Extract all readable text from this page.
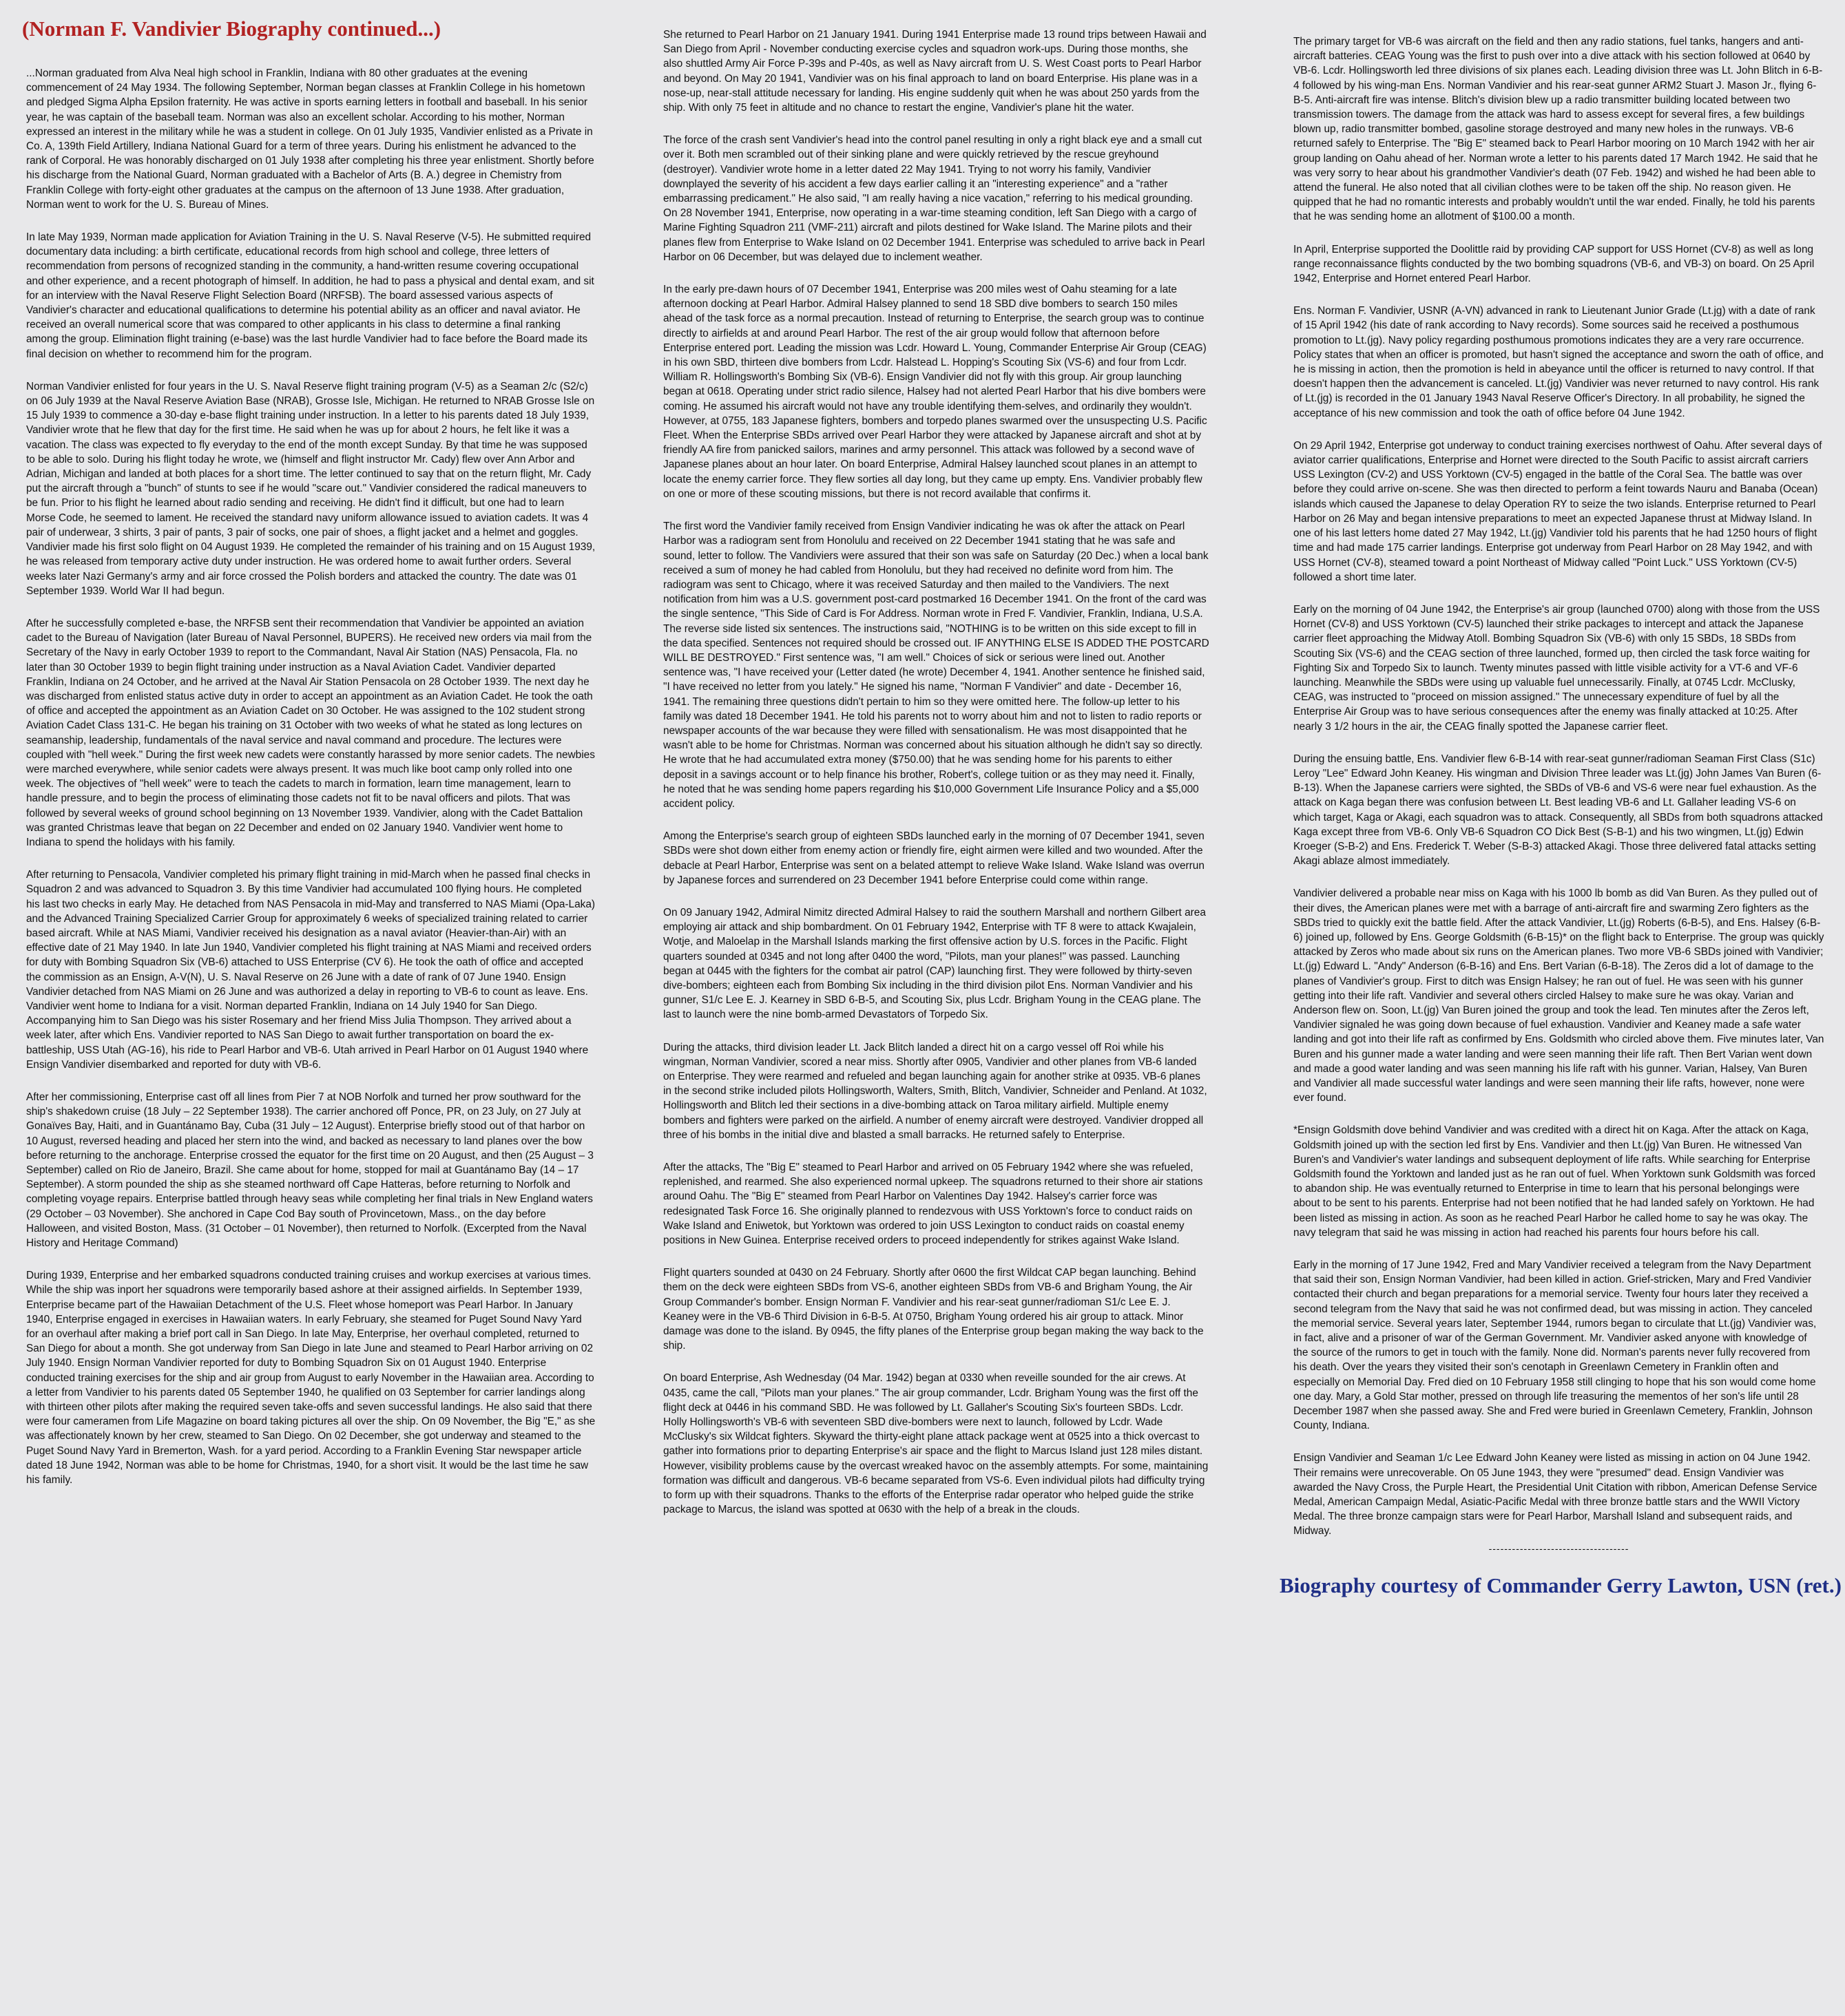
(Norman F. Vandivier Biography continued...)

...Norman graduated from Alva Neal high school in Franklin, Indiana with 80 other graduates at the evening commencement of 24 May 1934. The following September, Norman began classes at Franklin College in his hometown and pledged Sigma Alpha Epsilon fraternity. He was active in sports earning letters in football and baseball. In his senior year, he was captain of the baseball team. Norman was also an excellent scholar. According to his mother, Norman expressed an interest in the military while he was a student in college. On 01 July 1935, Vandivier enlisted as a Private in Co. A, 139th Field Artillery, Indiana National Guard for a term of three years. During his enlistment he advanced to the rank of Corporal. He was honorably discharged on 01 July 1938 after completing his three year enlistment. Shortly before his discharge from the National Guard, Norman graduated with a Bachelor of Arts (B. A.) degree in Chemistry from Franklin College with forty-eight other graduates at the campus on the afternoon of 13 June 1938. After graduation, Norman went to work for the U. S. Bureau of Mines.

In late May 1939, Norman made application for Aviation Training in the U. S. Naval Reserve (V-5). He submitted required documentary data including: a birth certificate, educational records from high school and college, three letters of recommendation from persons of recognized standing in the community, a hand-written resume covering occupational and other experience, and a recent photograph of himself. In addition, he had to pass a physical and dental exam, and sit for an interview with the Naval Reserve Flight Selection Board (NRFSB). The board assessed various aspects of Vandivier's character and educational qualifications to determine his potential ability as an officer and naval aviator. He received an overall numerical score that was compared to other applicants in his class to determine a final ranking among the group. Elimination flight training (e-base) was the last hurdle Vandivier had to face before the Board made its final decision on whether to recommend him for the program.

Norman Vandivier enlisted for four years in the U. S. Naval Reserve flight training program (V-5) as a Seaman 2/c (S2/c) on 06 July 1939 at the Naval Reserve Aviation Base (NRAB), Grosse Isle, Michigan. He returned to NRAB Grosse Isle on 15 July 1939 to commence a 30-day e-base flight training under instruction. In a letter to his parents dated 18 July 1939, Vandivier wrote that he flew that day for the first time. He said when he was up for about 2 hours, he felt like it was a vacation. The class was expected to fly everyday to the end of the month except Sunday. By that time he was supposed to be able to solo. During his flight today he wrote, we (himself and flight instructor Mr. Cady) flew over Ann Arbor and Adrian, Michigan and landed at both places for a short time. The letter continued to say that on the return flight, Mr. Cady put the aircraft through a "bunch" of stunts to see if he would "scare out." Vandivier considered the radical maneuvers to be fun. Prior to his flight he learned about radio sending and receiving. He didn't find it difficult, but one had to learn Morse Code, he seemed to lament. He received the standard navy uniform allowance issued to aviation cadets. It was 4 pair of underwear, 3 shirts, 3 pair of pants, 3 pair of socks, one pair of shoes, a flight jacket and a helmet and goggles. Vandivier made his first solo flight on 04 August 1939. He completed the remainder of his training and on 15 August 1939, he was released from temporary active duty under instruction. He was ordered home to await further orders. Several weeks later Nazi Germany's army and air force crossed the Polish borders and attacked the country. The date was 01 September 1939. World War II had begun.

After he successfully completed e-base, the NRFSB sent their recommendation that Vandivier be appointed an aviation cadet to the Bureau of Navigation (later Bureau of Naval Personnel, BUPERS). He received new orders via mail from the Secretary of the Navy in early October 1939 to report to the Commandant, Naval Air Station (NAS) Pensacola, Fla. no later than 30 October 1939 to begin flight training under instruction as a Naval Aviation Cadet. Vandivier departed Franklin, Indiana on 24 October, and he arrived at the Naval Air Station Pensacola on 28 October 1939. The next day he was discharged from enlisted status active duty in order to accept an appointment as an Aviation Cadet. He took the oath of office and accepted the appointment as an Aviation Cadet on 30 October. He was assigned to the 102 student strong Aviation Cadet Class 131-C. He began his training on 31 October with two weeks of what he stated as long lectures on seamanship, leadership, fundamentals of the naval service and naval command and procedure. The lectures were coupled with "hell week." During the first week new cadets were constantly harassed by more senior cadets. The newbies were marched everywhere, while senior cadets were always present. It was much like boot camp only rolled into one week. The objectives of "hell week" were to teach the cadets to march in formation, learn time management, learn to handle pressure, and to begin the process of eliminating those cadets not fit to be naval officers and pilots. That was followed by several weeks of ground school beginning on 13 November 1939. Vandivier, along with the Cadet Battalion was granted Christmas leave that began on 22 December and ended on 02 January 1940. Vandivier went home to Indiana to spend the holidays with his family.

After returning to Pensacola, Vandivier completed his primary flight training in mid-March when he passed final checks in Squadron 2 and was advanced to Squadron 3. By this time Vandivier had accumulated 100 flying hours. He completed his last two checks in early May. He detached from NAS Pensacola in mid-May and transferred to NAS Miami (Opa-Laka) and the Advanced Training Specialized Carrier Group for approximately 6 weeks of specialized training related to carrier based aircraft. While at NAS Miami, Vandivier received his designation as a naval aviator (Heavier-than-Air) with an effective date of 21 May 1940. In late Jun 1940, Vandivier completed his flight training at NAS Miami and received orders for duty with Bombing Squadron Six (VB-6) attached to USS Enterprise (CV 6). He took the oath of office and accepted the commission as an Ensign, A-V(N), U. S. Naval Reserve on 26 June with a date of rank of 07 June 1940. Ensign Vandivier detached from NAS Miami on 26 June and was authorized a delay in reporting to VB-6 to count as leave. Ens. Vandivier went home to Indiana for a visit. Norman departed Franklin, Indiana on 14 July 1940 for San Diego. Accompanying him to San Diego was his sister Rosemary and her friend Miss Julia Thompson. They arrived about a week later, after which Ens. Vandivier reported to NAS San Diego to await further transportation on board the ex-battleship, USS Utah (AG-16), his ride to Pearl Harbor and VB-6. Utah arrived in Pearl Harbor on 01 August 1940 where Ensign Vandivier disembarked and reported for duty with VB-6.

After her commissioning, Enterprise cast off all lines from Pier 7 at NOB Norfolk and turned her prow southward for the ship's shakedown cruise (18 July – 22 September 1938). The carrier anchored off Ponce, PR, on 23 July, on 27 July at Gonaïves Bay, Haiti, and in Guantánamo Bay, Cuba (31 July – 12 August). Enterprise briefly stood out of that harbor on 10 August, reversed heading and placed her stern into the wind, and backed as necessary to land planes over the bow before returning to the anchorage. Enterprise crossed the equator for the first time on 20 August, and then (25 August – 3 September) called on Rio de Janeiro, Brazil. She came about for home, stopped for mail at Guantánamo Bay (14 – 17 September). A storm pounded the ship as she steamed northward off Cape Hatteras, before returning to Norfolk and completing voyage repairs. Enterprise battled through heavy seas while completing her final trials in New England waters (29 October – 03 November). She anchored in Cape Cod Bay south of Provincetown, Mass., on the day before Halloween, and visited Boston, Mass. (31 October – 01 November), then returned to Norfolk. (Excerpted from the Naval History and Heritage Command)

During 1939, Enterprise and her embarked squadrons conducted training cruises and workup exercises at various times. While the ship was inport her squadrons were temporarily based ashore at their assigned airfields. In September 1939, Enterprise became part of the Hawaiian Detachment of the U.S. Fleet whose homeport was Pearl Harbor. In January 1940, Enterprise engaged in exercises in Hawaiian waters. In early February, she steamed for Puget Sound Navy Yard for an overhaul after making a brief port call in San Diego. In late May, Enterprise, her overhaul completed, returned to San Diego for about a month. She got underway from San Diego in late June and steamed to Pearl Harbor arriving on 02 July 1940. Ensign Norman Vandivier reported for duty to Bombing Squadron Six on 01 August 1940. Enterprise conducted training exercises for the ship and air group from August to early November in the Hawaiian area. According to a letter from Vandivier to his parents dated 05 September 1940, he qualified on 03 September for carrier landings along with thirteen other pilots after making the required seven take-offs and seven successful landings. He also said that there were four cameramen from Life Magazine on board taking pictures all over the ship. On 09 November, the Big "E," as she was affectionately known by her crew, steamed to San Diego. On 02 December, she got underway and steamed to the Puget Sound Navy Yard in Bremerton, Wash. for a yard period. According to a Franklin Evening Star newspaper article dated 18 June 1942, Norman was able to be home for Christmas, 1940, for a short visit. It would be the last time he saw his family.

She returned to Pearl Harbor on 21 January 1941. During 1941 Enterprise made 13 round trips between Hawaii and San Diego from April - November conducting exercise cycles and squadron work-ups. During those months, she also shuttled Army Air Force P-39s and P-40s, as well as Navy aircraft from U. S. West Coast ports to Pearl Harbor and beyond. On May 20 1941, Vandivier was on his final approach to land on board Enterprise. His plane was in a nose-up, near-stall attitude necessary for landing. His engine suddenly quit when he was about 250 yards from the ship. With only 75 feet in altitude and no chance to restart the engine, Vandivier's plane hit the water.

The force of the crash sent Vandivier's head into the control panel resulting in only a right black eye and a small cut over it. Both men scrambled out of their sinking plane and were quickly retrieved by the rescue greyhound (destroyer). Vandivier wrote home in a letter dated 22 May 1941. Trying to not worry his family, Vandivier downplayed the severity of his accident a few days earlier calling it an "interesting experience" and a "rather embarrassing predicament." He also said, "I am really having a nice vacation," referring to his medical grounding. On 28 November 1941, Enterprise, now operating in a war-time steaming condition, left San Diego with a cargo of Marine Fighting Squadron 211 (VMF-211) aircraft and pilots destined for Wake Island. The Marine pilots and their planes flew from Enterprise to Wake Island on 02 December 1941. Enterprise was scheduled to arrive back in Pearl Harbor on 06 December, but was delayed due to inclement weather.

In the early pre-dawn hours of 07 December 1941, Enterprise was 200 miles west of Oahu steaming for a late afternoon docking at Pearl Harbor. Admiral Halsey planned to send 18 SBD dive bombers to search 150 miles ahead of the task force as a normal precaution. Instead of returning to Enterprise, the search group was to continue directly to airfields at and around Pearl Harbor. The rest of the air group would follow that afternoon before Enterprise entered port. Leading the mission was Lcdr. Howard L. Young, Commander Enterprise Air Group (CEAG) in his own SBD, thirteen dive bombers from Lcdr. Halstead L. Hopping's Scouting Six (VS-6) and four from Lcdr. William R. Hollingsworth's Bombing Six (VB-6). Ensign Vandivier did not fly with this group. Air group launching began at 0618. Operating under strict radio silence, Halsey had not alerted Pearl Harbor that his dive bombers were coming. He assumed his aircraft would not have any trouble identifying them-selves, and ordinarily they wouldn't. However, at 0755, 183 Japanese fighters, bombers and torpedo planes swarmed over the unsuspecting U.S. Pacific Fleet. When the Enterprise SBDs arrived over Pearl Harbor they were attacked by Japanese aircraft and shot at by friendly AA fire from panicked sailors, marines and army personnel. This attack was followed by a second wave of Japanese planes about an hour later. On board Enterprise, Admiral Halsey launched scout planes in an attempt to locate the enemy carrier force. They flew sorties all day long, but they came up empty. Ens. Vandivier probably flew on one or more of these scouting missions, but there is not record available that confirms it.

The first word the Vandivier family received from Ensign Vandivier indicating he was ok after the attack on Pearl Harbor was a radiogram sent from Honolulu and received on 22 December 1941 stating that he was safe and sound, letter to follow. The Vandiviers were assured that their son was safe on Saturday (20 Dec.) when a local bank received a sum of money he had cabled from Honolulu, but they had received no definite word from him. The radiogram was sent to Chicago, where it was received Saturday and then mailed to the Vandiviers. The next notification from him was a U.S. government post-card postmarked 16 December 1941. On the front of the card was the single sentence, "This Side of Card is For Address. Norman wrote in Fred F. Vandivier, Franklin, Indiana, U.S.A. The reverse side listed six sentences. The instructions said, "NOTHING is to be written on this side except to fill in the data specified. Sentences not required should be crossed out. IF ANYTHING ELSE IS ADDED THE POSTCARD WILL BE DESTROYED." First sentence was, "I am well." Choices of sick or serious were lined out. Another sentence was, "I have received your (Letter dated (he wrote) December 4, 1941. Another sentence he finished said, "I have received no letter from you lately." He signed his name, "Norman F Vandivier" and date - December 16, 1941. The remaining three questions didn't pertain to him so they were omitted here. The follow-up letter to his family was dated 18 December 1941. He told his parents not to worry about him and not to listen to radio reports or newspaper accounts of the war because they were filled with sensationalism. He was most disappointed that he wasn't able to be home for Christmas. Norman was concerned about his situation although he didn't say so directly. He wrote that he had accumulated extra money ($750.00) that he was sending home for his parents to either deposit in a savings account or to help finance his brother, Robert's, college tuition or as they may need it. Finally, he noted that he was sending home papers regarding his $10,000 Government Life Insurance Policy and a $5,000 accident policy.

Among the Enterprise's search group of eighteen SBDs launched early in the morning of 07 December 1941, seven SBDs were shot down either from enemy action or friendly fire, eight airmen were killed and two wounded. After the debacle at Pearl Harbor, Enterprise was sent on a belated attempt to relieve Wake Island. Wake Island was overrun by Japanese forces and surrendered on 23 December 1941 before Enterprise could come within range.

On 09 January 1942, Admiral Nimitz directed Admiral Halsey to raid the southern Marshall and northern Gilbert area employing air attack and ship bombardment. On 01 February 1942, Enterprise with TF 8 were to attack Kwajalein, Wotje, and Maloelap in the Marshall Islands marking the first offensive action by U.S. forces in the Pacific. Flight quarters sounded at 0345 and not long after 0400 the word, "Pilots, man your planes!" was passed. Launching began at 0445 with the fighters for the combat air patrol (CAP) launching first. They were followed by thirty-seven dive-bombers; eighteen each from Bombing Six including in the third division pilot Ens. Norman Vandivier and his gunner, S1/c Lee E. J. Kearney in SBD 6-B-5, and Scouting Six, plus Lcdr. Brigham Young in the CEAG plane. The last to launch were the nine bomb-armed Devastators of Torpedo Six.

During the attacks, third division leader Lt. Jack Blitch landed a direct hit on a cargo vessel off Roi while his wingman, Norman Vandivier, scored a near miss. Shortly after 0905, Vandivier and other planes from VB-6 landed on Enterprise. They were rearmed and refueled and began launching again for another strike at 0935. VB-6 planes in the second strike included pilots Hollingsworth, Walters, Smith, Blitch, Vandivier, Schneider and Penland. At 1032, Hollingsworth and Blitch led their sections in a dive-bombing attack on Taroa military airfield. Multiple enemy bombers and fighters were parked on the airfield. A number of enemy aircraft were destroyed. Vandivier dropped all three of his bombs in the initial dive and blasted a small barracks. He returned safely to Enterprise.

After the attacks, The "Big E" steamed to Pearl Harbor and arrived on 05 February 1942 where she was refueled, replenished, and rearmed. She also experienced normal upkeep. The squadrons returned to their shore air stations around Oahu. The "Big E" steamed from Pearl Harbor on Valentines Day 1942. Halsey's carrier force was redesignated Task Force 16. She originally planned to rendezvous with USS Yorktown's force to conduct raids on Wake Island and Eniwetok, but Yorktown was ordered to join USS Lexington to conduct raids on coastal enemy positions in New Guinea. Enterprise received orders to proceed independently for strikes against Wake Island.

Flight quarters sounded at 0430 on 24 February. Shortly after 0600 the first Wildcat CAP began launching. Behind them on the deck were eighteen SBDs from VS-6, another eighteen SBDs from VB-6 and Brigham Young, the Air Group Commander's bomber. Ensign Norman F. Vandivier and his rear-seat gunner/radioman S1/c Lee E. J. Keaney were in the VB-6 Third Division in 6-B-5. At 0750, Brigham Young ordered his air group to attack. Minor damage was done to the island. By 0945, the fifty planes of the Enterprise group began making the way back to the ship.

On board Enterprise, Ash Wednesday (04 Mar. 1942) began at 0330 when reveille sounded for the air crews. At 0435, came the call, "Pilots man your planes." The air group commander, Lcdr. Brigham Young was the first off the flight deck at 0446 in his command SBD. He was followed by Lt. Gallaher's Scouting Six's fourteen SBDs. Lcdr. Holly Hollingsworth's VB-6 with seventeen SBD dive-bombers were next to launch, followed by Lcdr. Wade McClusky's six Wildcat fighters. Skyward the thirty-eight plane attack package went at 0525 into a thick overcast to gather into formations prior to departing Enterprise's air space and the flight to Marcus Island just 128 miles distant. However, visibility problems cause by the overcast wreaked havoc on the assembly attempts. For some, maintaining formation was difficult and dangerous. VB-6 became separated from VS-6. Even individual pilots had difficulty trying to form up with their squadrons. Thanks to the efforts of the Enterprise radar operator who helped guide the strike package to Marcus, the island was spotted at 0630 with the help of a break in the clouds.

The primary target for VB-6 was aircraft on the field and then any radio stations, fuel tanks, hangers and anti-aircraft batteries. CEAG Young was the first to push over into a dive attack with his section followed at 0640 by VB-6. Lcdr. Hollingsworth led three divisions of six planes each. Leading division three was Lt. John Blitch in 6-B-4 followed by his wing-man Ens. Norman Vandivier and his rear-seat gunner ARM2 Stuart J. Mason Jr., flying 6-B-5. Anti-aircraft fire was intense. Blitch's division blew up a radio transmitter building located between two transmission towers. The damage from the attack was hard to assess except for several fires, a few buildings blown up, radio transmitter bombed, gasoline storage destroyed and many new holes in the runways. VB-6 returned safely to Enterprise. The "Big E" steamed back to Pearl Harbor mooring on 10 March 1942 with her air group landing on Oahu ahead of her. Norman wrote a letter to his parents dated 17 March 1942. He said that he was very sorry to hear about his grandmother Vandivier's death (07 Feb. 1942) and wished he had been able to attend the funeral. He also noted that all civilian clothes were to be taken off the ship. No reason given. He quipped that he had no romantic interests and probably wouldn't until the war ended. Finally, he told his parents that he was sending home an allotment of $100.00 a month.

In April, Enterprise supported the Doolittle raid by providing CAP support for USS Hornet (CV-8) as well as long range reconnaissance flights conducted by the two bombing squadrons (VB-6, and VB-3) on board. On 25 April 1942, Enterprise and Hornet entered Pearl Harbor.

Ens. Norman F. Vandivier, USNR (A-VN) advanced in rank to Lieutenant Junior Grade (Lt.jg) with a date of rank of 15 April 1942 (his date of rank according to Navy records). Some sources said he received a posthumous promotion to Lt.(jg). Navy policy regarding posthumous promotions indicates they are a very rare occurrence. Policy states that when an officer is promoted, but hasn't signed the acceptance and sworn the oath of office, and he is missing in action, then the promotion is held in abeyance until the officer is returned to navy control. If that doesn't happen then the advancement is canceled. Lt.(jg) Vandivier was never returned to navy control. His rank of Lt.(jg) is recorded in the 01 January 1943 Naval Reserve Officer's Directory. In all probability, he signed the acceptance of his new commission and took the oath of office before 04 June 1942.

On 29 April 1942, Enterprise got underway to conduct training exercises northwest of Oahu. After several days of aviator carrier qualifications, Enterprise and Hornet were directed to the South Pacific to assist aircraft carriers USS Lexington (CV-2) and USS Yorktown (CV-5) engaged in the battle of the Coral Sea. The battle was over before they could arrive on-scene. She was then directed to perform a feint towards Nauru and Banaba (Ocean) islands which caused the Japanese to delay Operation RY to seize the two islands. Enterprise returned to Pearl Harbor on 26 May and began intensive preparations to meet an expected Japanese thrust at Midway Island. In one of his last letters home dated 27 May 1942, Lt.(jg) Vandivier told his parents that he had 1250 hours of flight time and had made 175 carrier landings. Enterprise got underway from Pearl Harbor on 28 May 1942, and with USS Hornet (CV-8), steamed toward a point Northeast of Midway called "Point Luck." USS Yorktown (CV-5) followed a short time later.

Early on the morning of 04 June 1942, the Enterprise's air group (launched 0700) along with those from the USS Hornet (CV-8) and USS Yorktown (CV-5) launched their strike packages to intercept and attack the Japanese carrier fleet approaching the Midway Atoll. Bombing Squadron Six (VB-6) with only 15 SBDs, 18 SBDs from Scouting Six (VS-6) and the CEAG section of three launched, formed up, then circled the task force waiting for Fighting Six and Torpedo Six to launch. Twenty minutes passed with little visible activity for a VT-6 and VF-6 launching. Meanwhile the SBDs were using up valuable fuel unnecessarily. Finally, at 0745 Lcdr. McClusky, CEAG, was instructed to "proceed on mission assigned." The unnecessary expenditure of fuel by all the Enterprise Air Group was to have serious consequences after the enemy was finally attacked at 10:25. After nearly 3 1/2 hours in the air, the CEAG finally spotted the Japanese carrier fleet.

During the ensuing battle, Ens. Vandivier flew 6-B-14 with rear-seat gunner/radioman Seaman First Class (S1c) Leroy "Lee" Edward John Keaney. His wingman and Division Three leader was Lt.(jg) John James Van Buren (6-B-13). When the Japanese carriers were sighted, the SBDs of VB-6 and VS-6 were near fuel exhaustion. As the attack on Kaga began there was confusion between Lt. Best leading VB-6 and Lt. Gallaher leading VS-6 on which target, Kaga or Akagi, each squadron was to attack. Consequently, all SBDs from both squadrons attacked Kaga except three from VB-6. Only VB-6 Squadron CO Dick Best (S-B-1) and his two wingmen, Lt.(jg) Edwin Kroeger (S-B-2) and Ens. Frederick T. Weber (S-B-3) attacked Akagi. Those three delivered fatal attacks setting Akagi ablaze almost immediately.

Vandivier delivered a probable near miss on Kaga with his 1000 lb bomb as did Van Buren. As they pulled out of their dives, the American planes were met with a barrage of anti-aircraft fire and swarming Zero fighters as the SBDs tried to quickly exit the battle field. After the attack Vandivier, Lt.(jg) Roberts (6-B-5), and Ens. Halsey (6-B-6) joined up, followed by Ens. George Goldsmith (6-B-15)* on the flight back to Enterprise. The group was quickly attacked by Zeros who made about six runs on the American planes. Two more VB-6 SBDs joined with Vandivier; Lt.(jg) Edward L. "Andy" Anderson (6-B-16) and Ens. Bert Varian (6-B-18). The Zeros did a lot of damage to the planes of Vandivier's group. First to ditch was Ensign Halsey; he ran out of fuel. He was seen with his gunner getting into their life raft. Vandivier and several others circled Halsey to make sure he was okay. Varian and Anderson flew on. Soon, Lt.(jg) Van Buren joined the group and took the lead. Ten minutes after the Zeros left, Vandivier signaled he was going down because of fuel exhaustion. Vandivier and Keaney made a safe water landing and got into their life raft as confirmed by Ens. Goldsmith who circled above them. Five minutes later, Van Buren and his gunner made a water landing and were seen manning their life raft. Then Bert Varian went down and made a good water landing and was seen manning his life raft with his gunner. Varian, Halsey, Van Buren and Vandivier all made successful water landings and were seen manning their life rafts, however, none were ever found.

*Ensign Goldsmith dove behind Vandivier and was credited with a direct hit on Kaga. After the attack on Kaga, Goldsmith joined up with the section led first by Ens. Vandivier and then Lt.(jg) Van Buren. He witnessed Van Buren's and Vandivier's water landings and subsequent deployment of life rafts. While searching for Enterprise Goldsmith found the Yorktown and landed just as he ran out of fuel. When Yorktown sunk Goldsmith was forced to abandon ship. He was eventually returned to Enterprise in time to learn that his personal belongings were about to be sent to his parents. Enterprise had not been notified that he had landed safely on Yorktown. He had been listed as missing in action. As soon as he reached Pearl Harbor he called home to say he was okay. The navy telegram that said he was missing in action had reached his parents four hours before his call.

Early in the morning of 17 June 1942, Fred and Mary Vandivier received a telegram from the Navy Department that said their son, Ensign Norman Vandivier, had been killed in action. Grief-stricken, Mary and Fred Vandivier contacted their church and began preparations for a memorial service. Twenty four hours later they received a second telegram from the Navy that said he was not confirmed dead, but was missing in action. They canceled the memorial service. Several years later, September 1944, rumors began to circulate that Lt.(jg) Vandivier was, in fact, alive and a prisoner of war of the German Government. Mr. Vandivier asked anyone with knowledge of the source of the rumors to get in touch with the family. None did. Norman's parents never fully recovered from his death. Over the years they visited their son's cenotaph in Greenlawn Cemetery in Franklin often and especially on Memorial Day. Fred died on 10 February 1958 still clinging to hope that his son would come home one day. Mary, a Gold Star mother, pressed on through life treasuring the mementos of her son's life until 28 December 1987 when she passed away. She and Fred were buried in Greenlawn Cemetery, Franklin, Johnson County, Indiana.

Ensign Vandivier and Seaman 1/c Lee Edward John Keaney were listed as missing in action on 04 June 1942. Their remains were unrecoverable. On 05 June 1943, they were "presumed" dead. Ensign Vandivier was awarded the Navy Cross, the Purple Heart, the Presidential Unit Citation with ribbon, American Defense Service Medal, American Campaign Medal, Asiatic-Pacific Medal with three bronze battle stars and the WWII Victory Medal. The three bronze campaign stars were for Pearl Harbor, Marshall Island and subsequent raids, and Midway.

------------------------------------
Biography courtesy of Commander Gerry Lawton, USN (ret.)
